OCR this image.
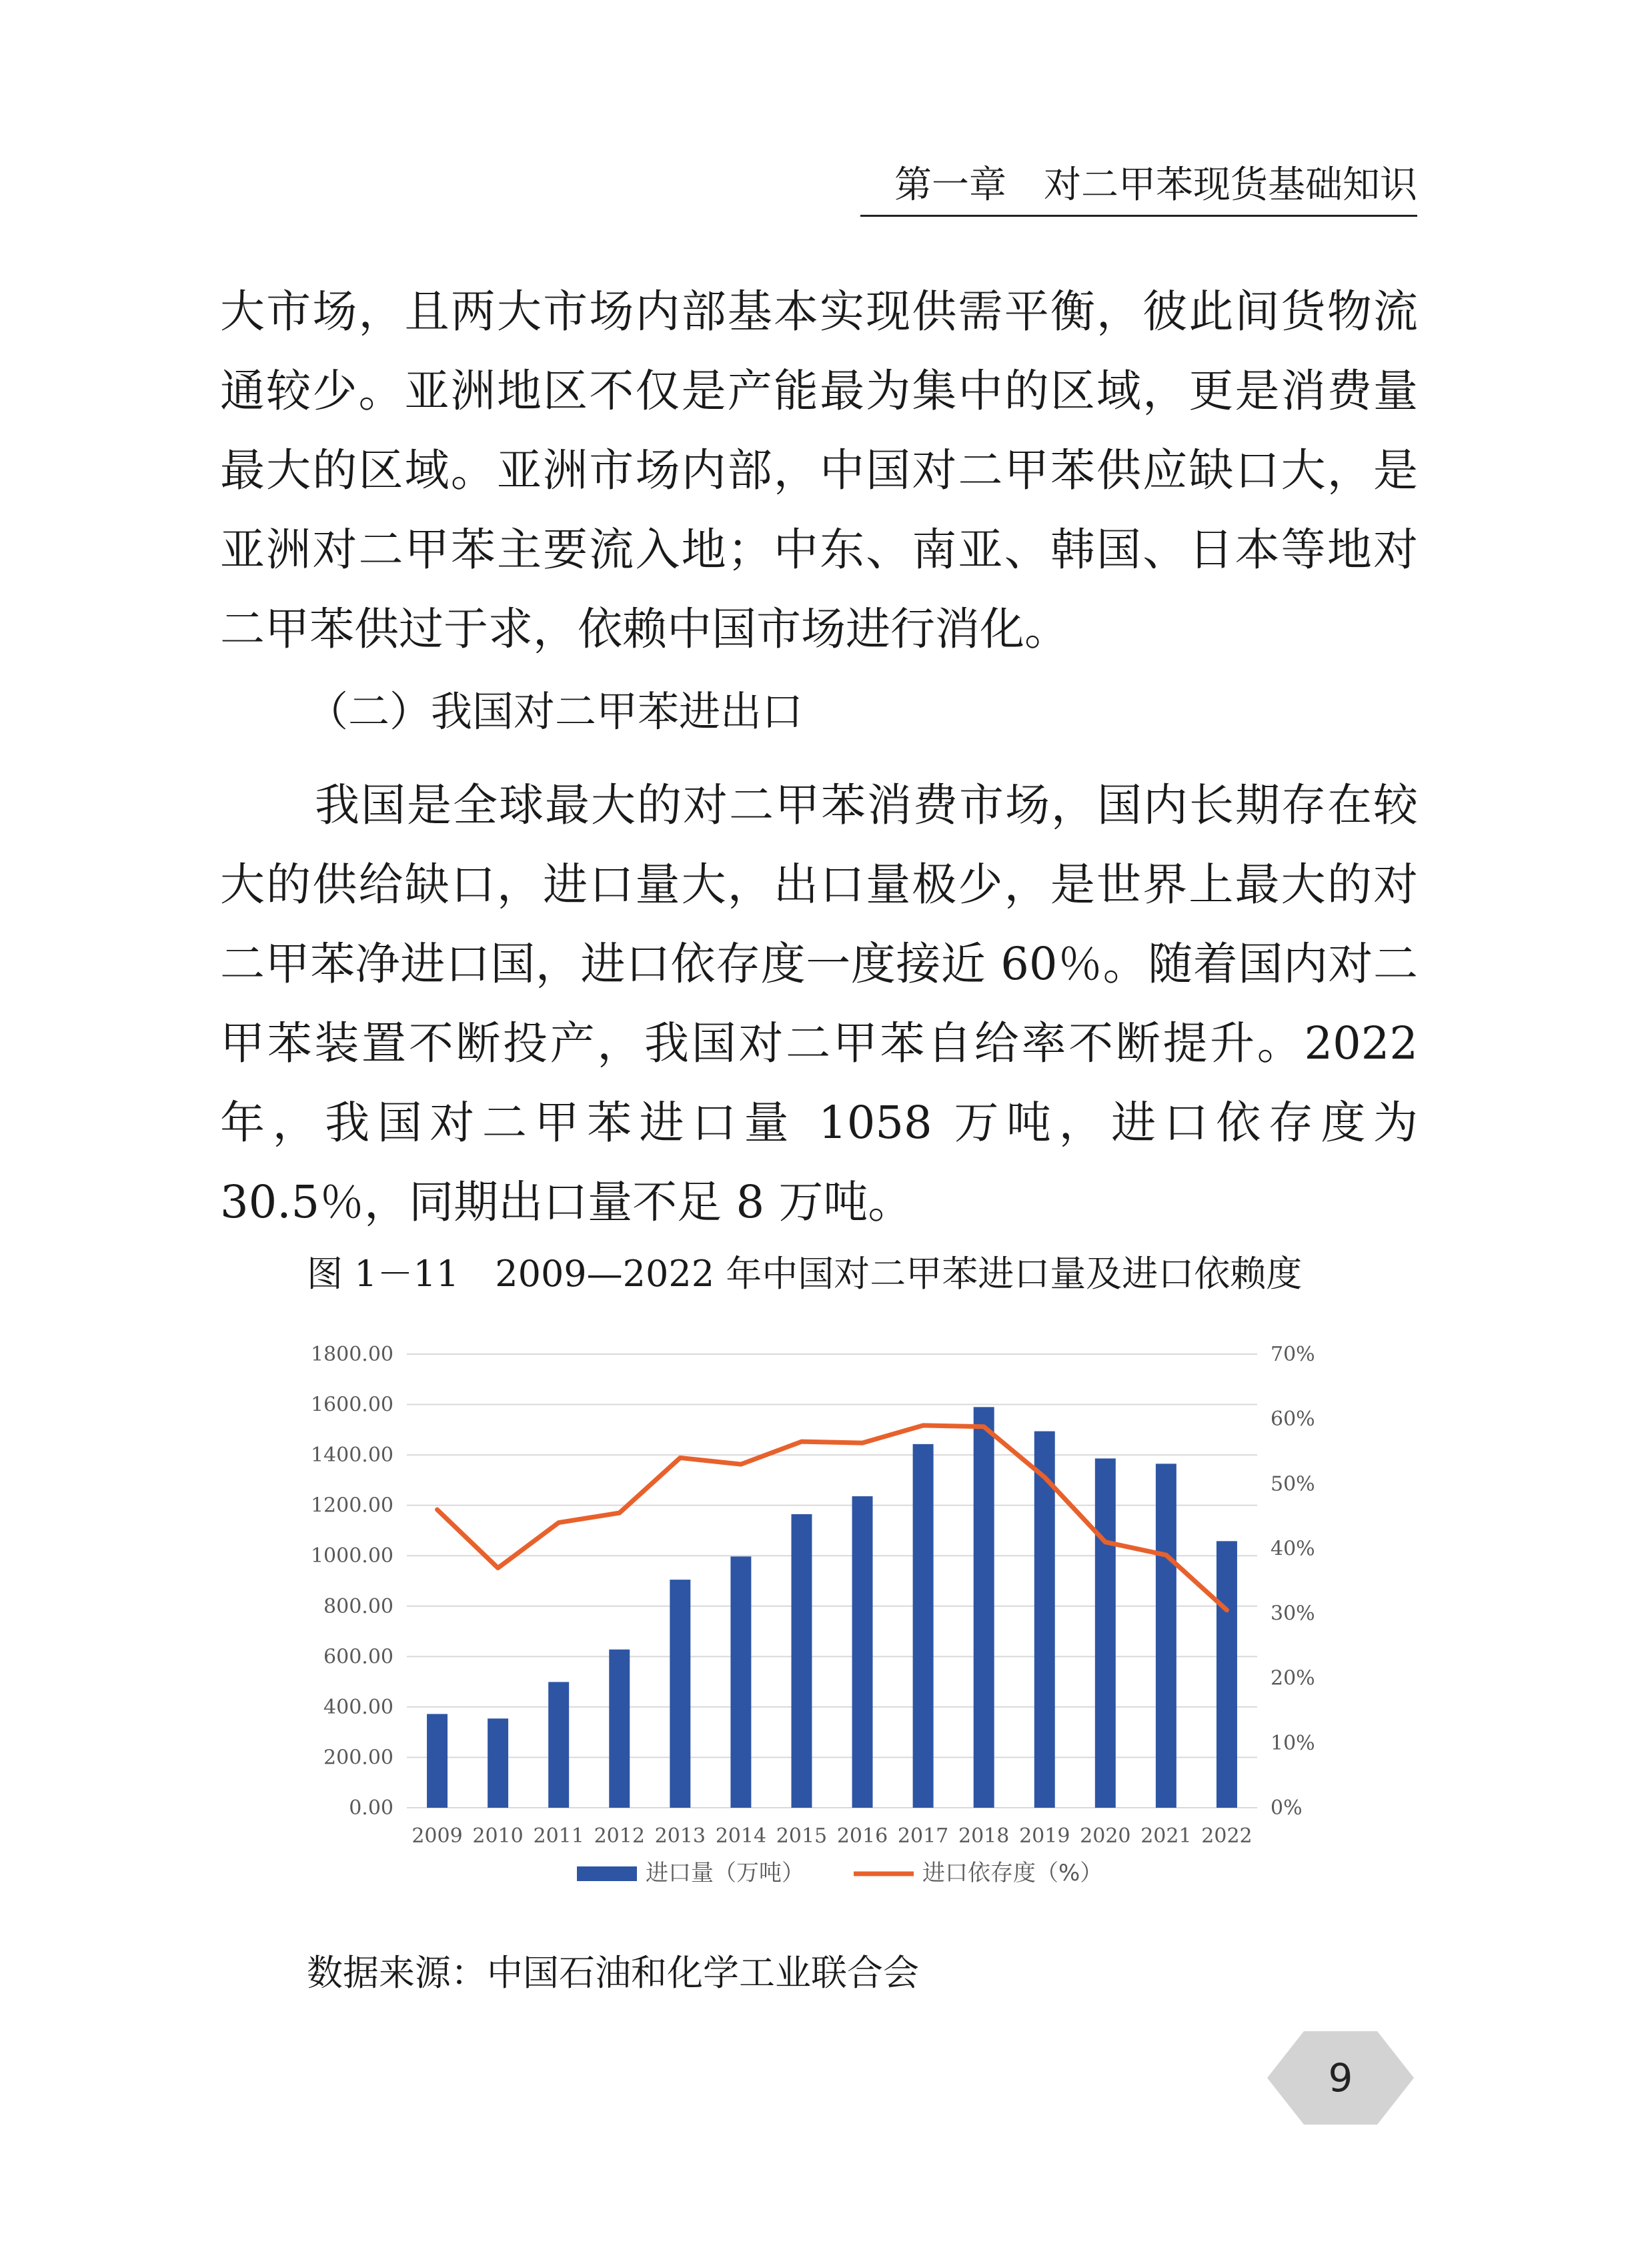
第一章　对二甲苯现货基础知识
大市场，且两大市场内部基本实现供需平衡，彼此间货物流通较少。亚洲地区不仅是产能最为集中的区域，更是消费量最大的区域。亚洲市场内部，中国对二甲苯供应缺口大，是亚洲对二甲苯主要流入地；中东、南亚、韩国、日本等地对二甲苯供过于求，依赖中国市场进行消化。
（二）我国对二甲苯进出口
我国是全球最大的对二甲苯消费市场，国内长期存在较大的供给缺口，进口量大，出口量极少，是世界上最大的对二甲苯净进口国，进口依存度一度接近 60％。随着国内对二甲苯装置不断投产，我国对二甲苯自给率不断提升。2022 年，我国对二甲苯进口量 1058 万吨，进口依存度为 30.5％，同期出口量不足 8 万吨。
图 1－11　2009—2022 年中国对二甲苯进口量及进口依赖度
0.00
200.00
400.00
600.00
800.00
1000.00
1200.00
1400.00
1600.00
1800.00
0%
10%
20%
30%
40%
50%
60%
70%
2009 2010 2011 2012 2013 2014 2015 2016 2017 2018 2019 2020 2021 2022
进口量（万吨）	进口依存度（%）
数据来源：中国石油和化学工业联合会
9
